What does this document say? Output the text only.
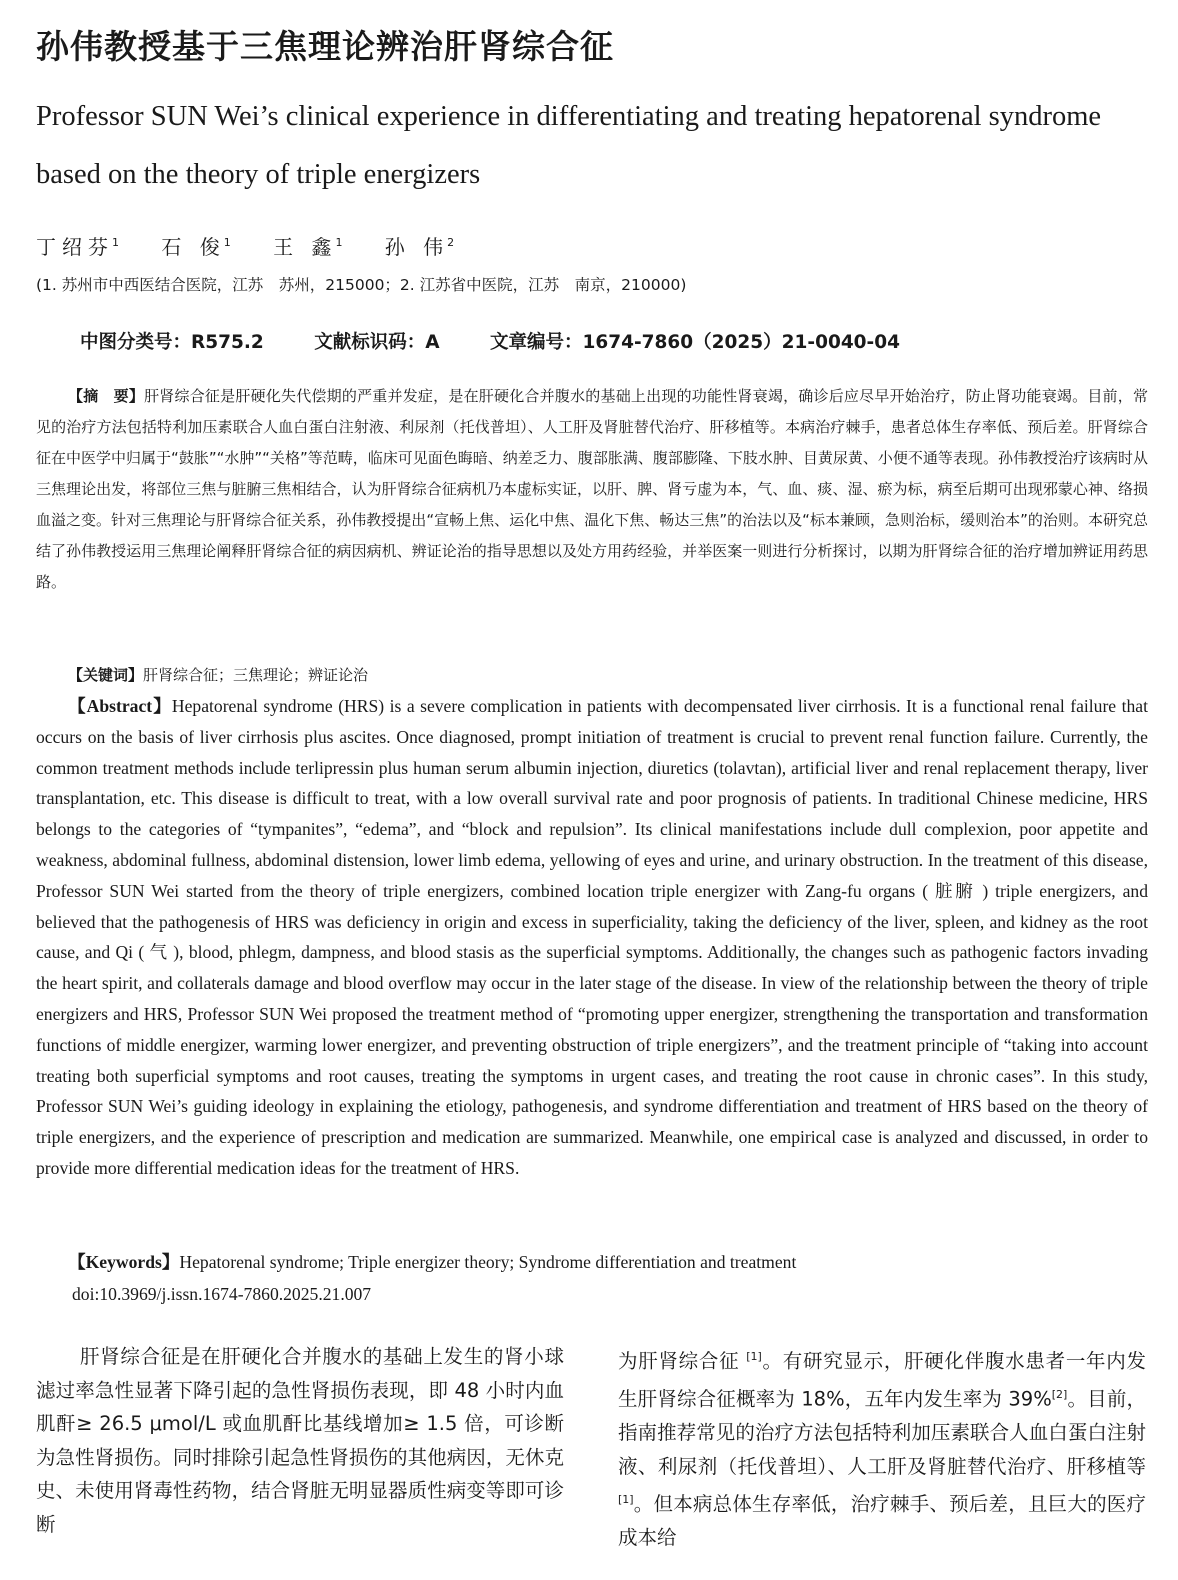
孙伟教授基于三焦理论辨治肝肾综合征
Professor SUN Wei’s clinical experience in differentiating and treating hepatorenal syndrome based on the theory of triple energizers
丁绍芬$^1$ 石 俊$^1$ 王 鑫$^1$ 孙 伟$^2$
(1. 苏州市中西医结合医院，江苏　苏州，215000；2. 江苏省中医院，江苏　南京，210000)
中图分类号：R575.2	文献标识码：A	文章编号：1674-7860（2025）21-0040-04

【摘　要】肝肾综合征是肝硬化失代偿期的严重并发症，是在肝硬化合并腹水的基础上出现的功能性肾衰竭，确诊后应尽早开始治疗，防止肾功能衰竭。目前，常见的治疗方法包括特利加压素联合人血白蛋白注射液、利尿剂（托伐普坦）、人工肝及肾脏替代治疗、肝移植等。本病治疗棘手，患者总体生存率低、预后差。肝肾综合征在中医学中归属于“鼓胀”“水肿”“关格”等范畴，临床可见面色晦暗、纳差乏力、腹部胀满、腹部膨隆、下肢水肿、目黄尿黄、小便不通等表现。孙伟教授治疗该病时从三焦理论出发，将部位三焦与脏腑三焦相结合，认为肝肾综合征病机乃本虚标实证，以肝、脾、肾亏虚为本，气、血、痰、湿、瘀为标，病至后期可出现邪蒙心神、络损血溢之变。针对三焦理论与肝肾综合征关系，孙伟教授提出“宣畅上焦、运化中焦、温化下焦、畅达三焦”的治法以及“标本兼顾，急则治标，缓则治本”的治则。本研究总结了孙伟教授运用三焦理论阐释肝肾综合征的病因病机、辨证论治的指导思想以及处方用药经验，并举医案一则进行分析探讨，以期为肝肾综合征的治疗增加辨证用药思路。

【关键词】肝肾综合征；三焦理论；辨证论治

【Abstract】Hepatorenal syndrome (HRS) is a severe complication in patients with decompensated liver cirrhosis. It is a functional renal failure that occurs on the basis of liver cirrhosis plus ascites. Once diagnosed, prompt initiation of treatment is crucial to prevent renal function failure. Currently, the common treatment methods include terlipressin plus human serum albumin injection, diuretics (tolavtan), artificial liver and renal replacement therapy, liver transplantation, etc. This disease is difficult to treat, with a low overall survival rate and poor prognosis of patients. In traditional Chinese medicine, HRS belongs to the categories of “tympanites”, “edema”, and “block and repulsion”. Its clinical manifestations include dull complexion, poor appetite and weakness, abdominal fullness, abdominal distension, lower limb edema, yellowing of eyes and urine, and urinary obstruction. In the treatment of this disease, Professor SUN Wei started from the theory of triple energizers, combined location triple energizer with Zang-fu organs ( 脏腑 ) triple energizers, and believed that the pathogenesis of HRS was deficiency in origin and excess in superficiality, taking the deficiency of the liver, spleen, and kidney as the root cause, and Qi ( 气 ), blood, phlegm, dampness, and blood stasis as the superficial symptoms. Additionally, the changes such as pathogenic factors invading the heart spirit, and collaterals damage and blood overflow may occur in the later stage of the disease. In view of the relationship between the theory of triple energizers and HRS, Professor SUN Wei proposed the treatment method of “promoting upper energizer, strengthening the transportation and transformation functions of middle energizer, warming lower energizer, and preventing obstruction of triple energizers”, and the treatment principle of “taking into account treating both superficial symptoms and root causes, treating the symptoms in urgent cases, and treating the root cause in chronic cases”. In this study, Professor SUN Wei’s guiding ideology in explaining the etiology, pathogenesis, and syndrome differentiation and treatment of HRS based on the theory of triple energizers, and the experience of prescription and medication are summarized. Meanwhile, one empirical case is analyzed and discussed, in order to provide more differential medication ideas for the treatment of HRS.

【Keywords】Hepatorenal syndrome; Triple energizer theory; Syndrome differentiation and treatment

doi:10.3969/j.issn.1674-7860.2025.21.007

肝肾综合征是在肝硬化合并腹水的基础上发生的肾小球滤过率急性显著下降引起的急性肾损伤表现，即 48 小时内血肌酐≥ 26.5 μmol/L 或血肌酐比基线增加≥ 1.5 倍，可诊断为急性肾损伤。同时排除引起急性肾损伤的其他病因，无休克史、未使用肾毒性药物，结合肾脏无明显器质性病变等即可诊断

为肝肾综合征 [1]。有研究显示，肝硬化伴腹水患者一年内发生肝肾综合征概率为 18%，五年内发生率为 39%[2]。目前，指南推荐常见的治疗方法包括特利加压素联合人血白蛋白注射液、利尿剂（托伐普坦）、人工肝及肾脏替代治疗、肝移植等 [1]。但本病总体生存率低，治疗棘手、预后差，且巨大的医疗成本给
